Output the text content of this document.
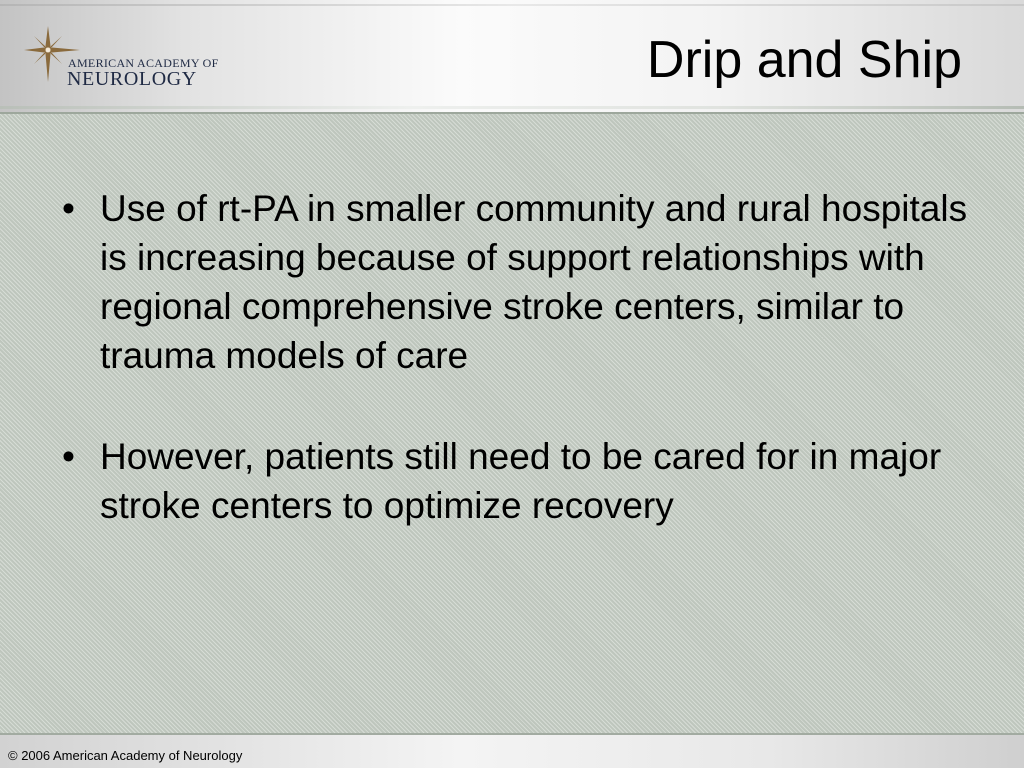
AMERICAN ACADEMY OF
NEUROLOGY	Drip and Ship
• Use of rt-PA in smaller community and rural hospitals is increasing because of support relationships with regional comprehensive stroke centers, similar to trauma models of care
• However, patients still need to be cared for in major stroke centers to optimize recovery
© 2006 American Academy of Neurology
